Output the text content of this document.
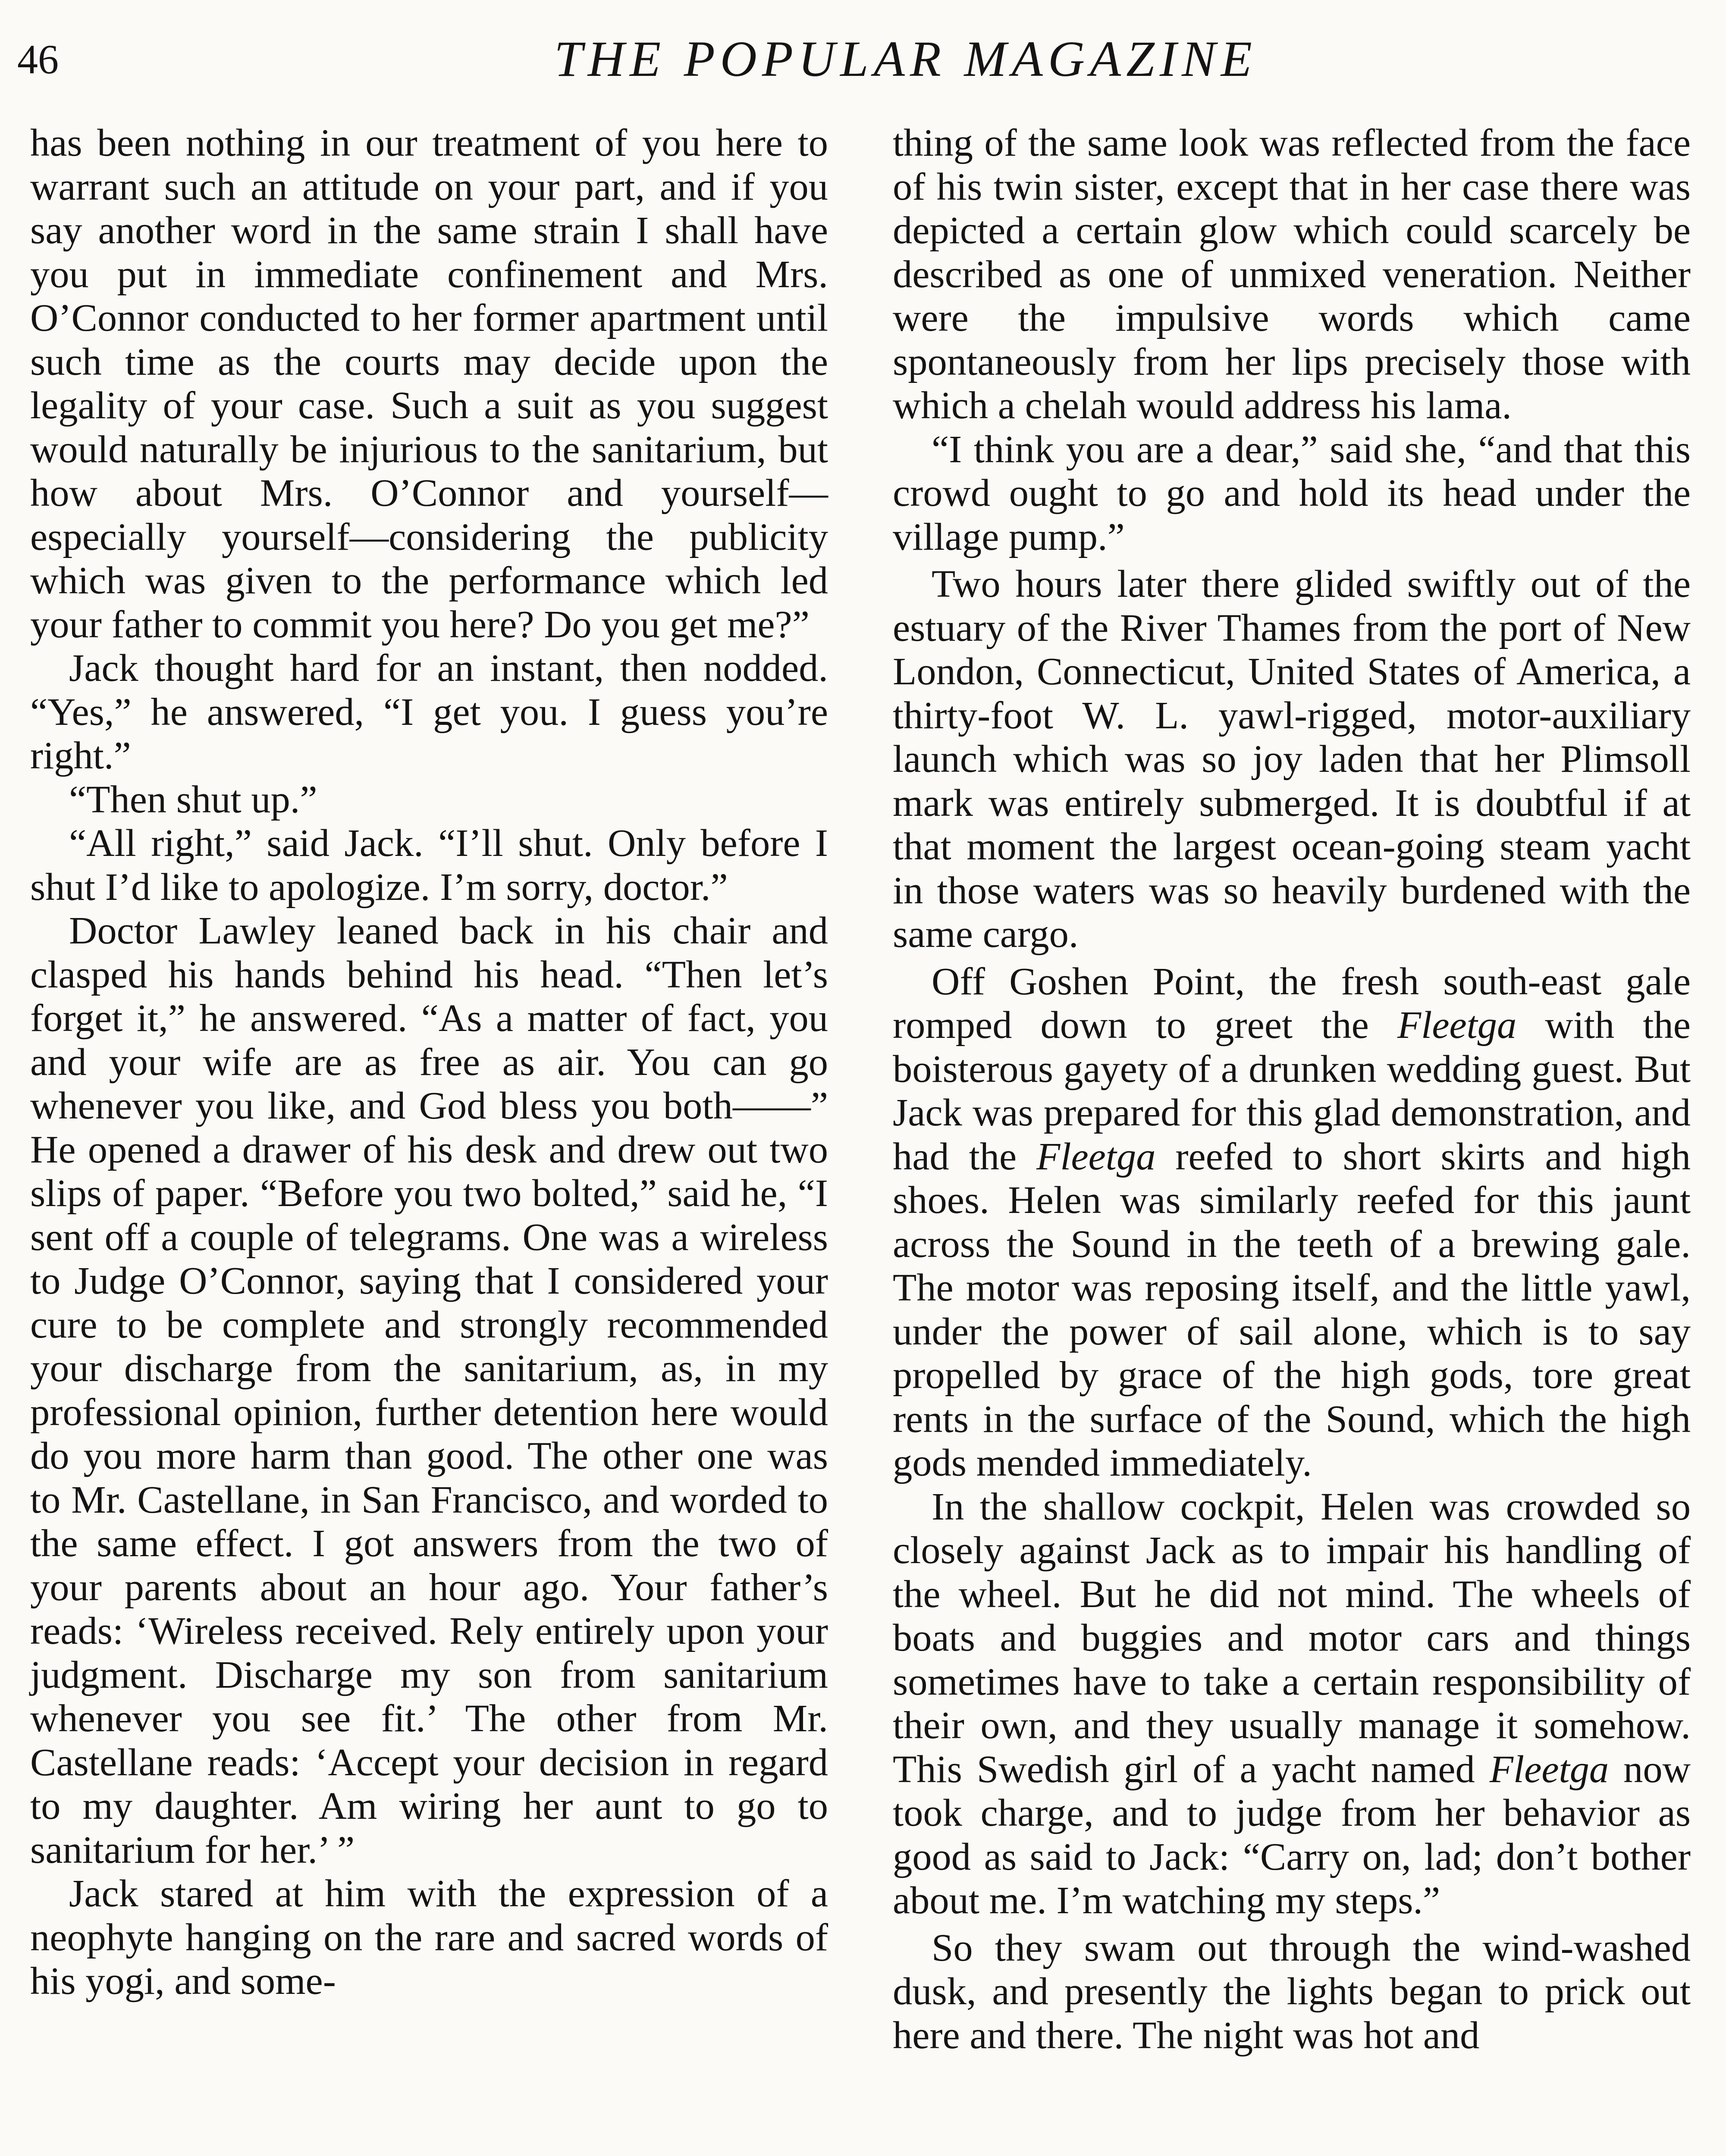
46	THE POPULAR MAGAZINE

has been nothing in our treatment of you here to warrant such an attitude on your part, and if you say another word in the same strain I shall have you put in immediate confinement and Mrs. O’Connor conducted to her former apartment until such time as the courts may decide upon the legality of your case. Such a suit as you suggest would naturally be injurious to the sanitarium, but how about Mrs. O’Connor and yourself—especially yourself—considering the publicity which was given to the performance which led your father to commit you here? Do you get me?”

Jack thought hard for an instant, then nodded. “Yes,” he answered, “I get you. I guess you’re right.”

“Then shut up.”

“All right,” said Jack. “I’ll shut. Only before I shut I’d like to apologize. I’m sorry, doctor.”

Doctor Lawley leaned back in his chair and clasped his hands behind his head. “Then let’s forget it,” he answered. “As a matter of fact, you and your wife are as free as air. You can go whenever you like, and God bless you both——” He opened a drawer of his desk and drew out two slips of paper. “Before you two bolted,” said he, “I sent off a couple of telegrams. One was a wireless to Judge O’Connor, saying that I considered your cure to be complete and strongly recommended your discharge from the sanitarium, as, in my professional opinion, further detention here would do you more harm than good. The other one was to Mr. Castellane, in San Francisco, and worded to the same effect. I got answers from the two of your parents about an hour ago. Your father’s reads: ‘Wireless received. Rely entirely upon your judgment. Discharge my son from sanitarium whenever you see fit.’ The other from Mr. Castellane reads: ‘Accept your decision in regard to my daughter. Am wiring her aunt to go to sanitarium for her.’ ”

Jack stared at him with the expression of a neophyte hanging on the rare and sacred words of his yogi, and some-

thing of the same look was reflected from the face of his twin sister, except that in her case there was depicted a certain glow which could scarcely be described as one of unmixed veneration. Neither were the impulsive words which came spontaneously from her lips precisely those with which a chelah would address his lama.

“I think you are a dear,” said she, “and that this crowd ought to go and hold its head under the village pump.”

Two hours later there glided swiftly out of the estuary of the River Thames from the port of New London, Connecticut, United States of America, a thirty-foot W. L. yawl-rigged, motor-auxiliary launch which was so joy laden that her Plimsoll mark was entirely submerged. It is doubtful if at that moment the largest ocean-going steam yacht in those waters was so heavily burdened with the same cargo.

Off Goshen Point, the fresh south-east gale romped down to greet the Fleetga with the boisterous gayety of a drunken wedding guest. But Jack was prepared for this glad demonstration, and had the Fleetga reefed to short skirts and high shoes. Helen was similarly reefed for this jaunt across the Sound in the teeth of a brewing gale. The motor was reposing itself, and the little yawl, under the power of sail alone, which is to say propelled by grace of the high gods, tore great rents in the surface of the Sound, which the high gods mended immediately.

In the shallow cockpit, Helen was crowded so closely against Jack as to impair his handling of the wheel. But he did not mind. The wheels of boats and buggies and motor cars and things sometimes have to take a certain responsibility of their own, and they usually manage it somehow. This Swedish girl of a yacht named Fleetga now took charge, and to judge from her behavior as good as said to Jack: “Carry on, lad; don’t bother about me. I’m watching my steps.”

So they swam out through the wind-washed dusk, and presently the lights began to prick out here and there. The night was hot and
